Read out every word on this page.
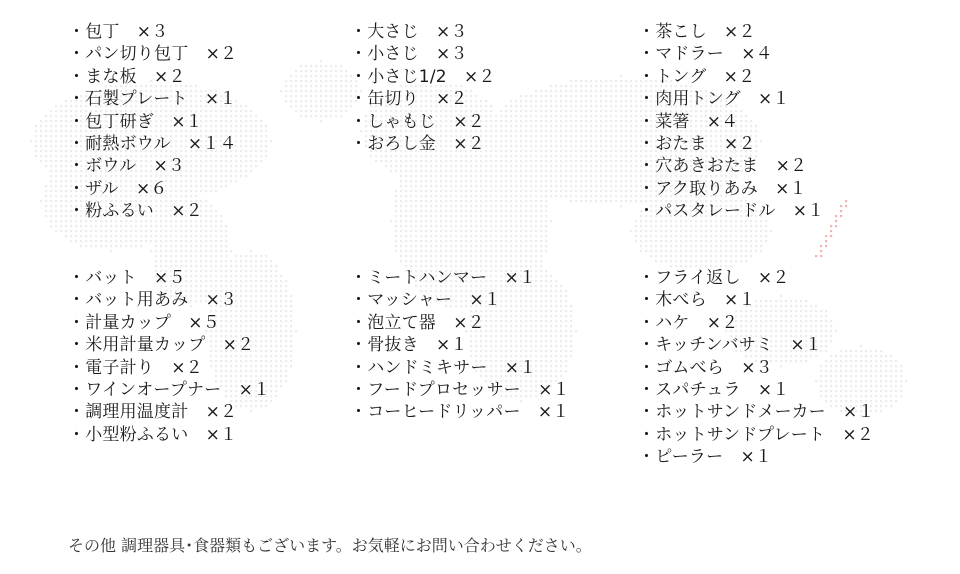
・包丁　×３
・パン切り包丁　×２
・まな板　×２
・石製プレート　×１
・包丁研ぎ　×１
・耐熱ボウル　×１４
・ボウル　×３
・ザル　×６
・粉ふるい　×２
・大さじ　×３
・小さじ　×３
・小さじ1/2　×２
・缶切り　×２
・しゃもじ　×２
・おろし金　×２
・茶こし　×２
・マドラー　×４
・トング　×２
・肉用トング　×１
・菜箸　×４
・おたま　×２
・穴あきおたま　×２
・アク取りあみ　×１
・パスタレードル　×１
・バット　×５
・バット用あみ　×３
・計量カップ　×５
・米用計量カップ　×２
・電子計り　×２
・ワインオープナー　×１
・調理用温度計　×２
・小型粉ふるい　×１
・ミートハンマー　×１
・マッシャー　×１
・泡立て器　×２
・骨抜き　×１
・ハンドミキサー　×１
・フードプロセッサー　×１
・コーヒードリッパー　×１
・フライ返し　×２
・木べら　×１
・ハケ　×２
・キッチンバサミ　×１
・ゴムべら　×３
・スパチュラ　×１
・ホットサンドメーカー　×１
・ホットサンドプレート　×２
・ピーラー　×１
その他 調理器具･食器類もございます。お気軽にお問い合わせください。
